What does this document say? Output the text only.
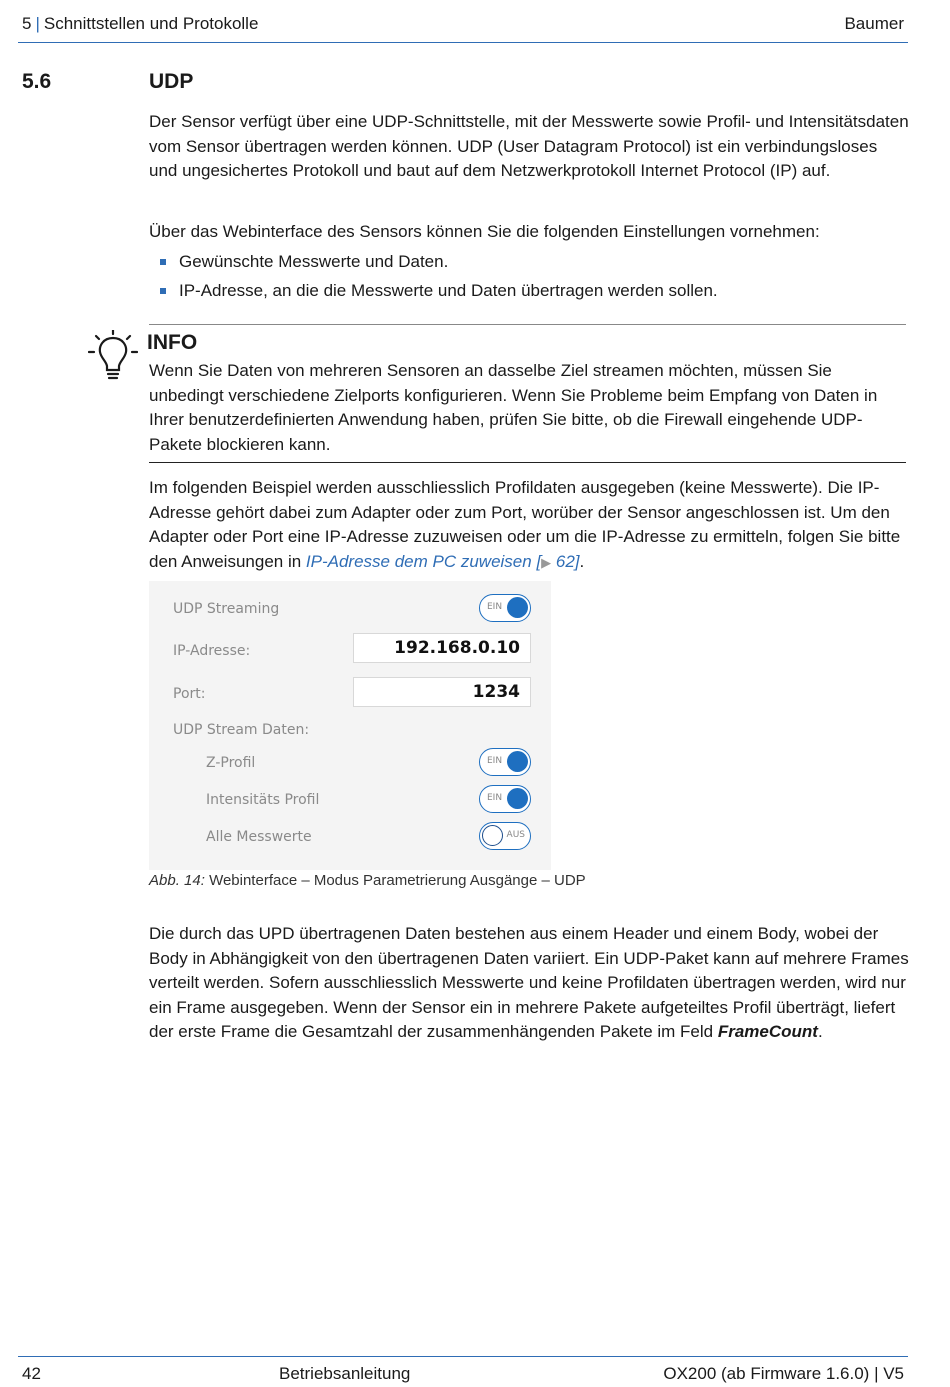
5 | Schnittstellen und Protokolle	Baumer
5.6	UDP

Der Sensor verfügt über eine UDP-Schnittstelle, mit der Messwerte sowie Profil- und Intensitätsdaten vom Sensor übertragen werden können. UDP (User Datagram Protocol) ist ein verbindungsloses und ungesichertes Protokoll und baut auf dem Netzwerkprotokoll Internet Protocol (IP) auf.

Über das Webinterface des Sensors können Sie die folgenden Einstellungen vornehmen:

Gewünschte Messwerte und Daten.
IP-Adresse, an die die Messwerte und Daten übertragen werden sollen.
INFO

Wenn Sie Daten von mehreren Sensoren an dasselbe Ziel streamen möchten, müssen Sie unbedingt verschiedene Zielports konfigurieren. Wenn Sie Probleme beim Empfang von Daten in Ihrer benutzerdefinierten Anwendung haben, prüfen Sie bitte, ob die Firewall eingehende UDP-Pakete blockieren kann.

Im folgenden Beispiel werden ausschliesslich Profildaten ausgegeben (keine Messwerte). Die IP-Adresse gehört dabei zum Adapter oder zum Port, worüber der Sensor angeschlossen ist. Um den Adapter oder Port eine IP-Adresse zuzuweisen oder um die IP-Adresse zu ermitteln, folgen Sie bitte den Anweisungen in IP-Adresse dem PC zuweisen [▶ 62].

UDP Streaming	EIN
IP-Adresse:	192.168.0.10
Port:	1234
UDP Stream Daten:
Z-Profil	EIN
Intensitäts Profil	EIN
Alle Messwerte	AUS
Abb. 14: Webinterface – Modus Parametrierung Ausgänge – UDP

Die durch das UPD übertragenen Daten bestehen aus einem Header und einem Body, wobei der Body in Abhängigkeit von den übertragenen Daten variiert. Ein UDP-Paket kann auf mehrere Frames verteilt werden. Sofern ausschliesslich Messwerte und keine Profildaten übertragen werden, wird nur ein Frame ausgegeben. Wenn der Sensor ein in mehrere Pakete aufgeteiltes Profil überträgt, liefert der erste Frame die Gesamtzahl der zusammenhängenden Pakete im Feld FrameCount.

42	Betriebsanleitung	OX200 (ab Firmware 1.6.0) | V5
